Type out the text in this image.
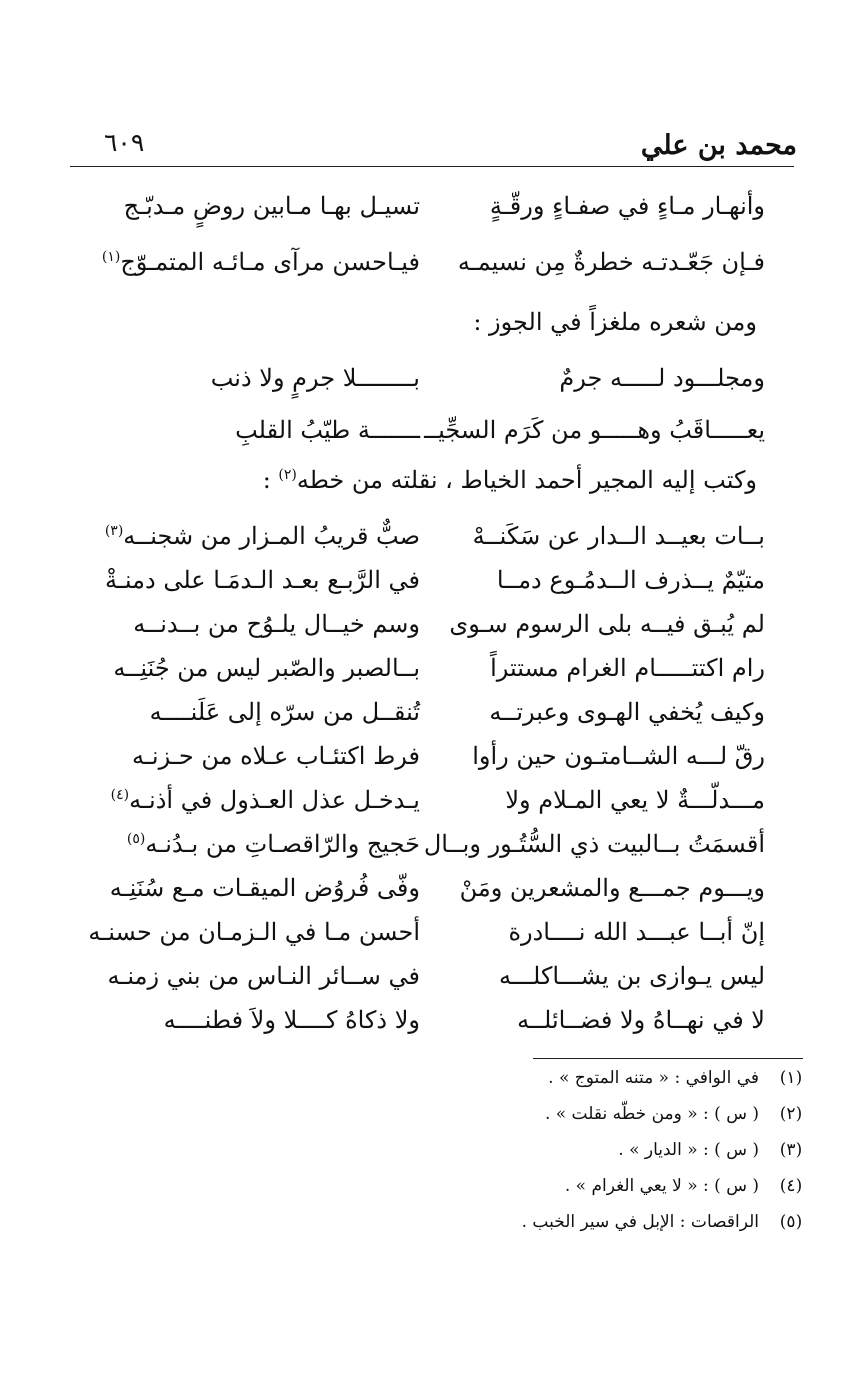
محمد بن علي
٦٠٩
وأنهـار مـاءٍ في صفـاءٍ ورقّـةٍ
تسيـل بهـا مـابين روضٍ مـدبّـج
فـإن جَعّـدتـه خطرةٌ مِن نسيمـه
فيـاحسن مرآى مـائـه المتمـوّج$^{(١)}$
ومن شعره ملغزاً في الجوز :
ومجلـــود لـــــه جرمٌ
بــــــــلا جرمٍ ولا ذنب
يعـــــاقَبُ وهـــــو من كَرَم السجِّيــ
ـــــــة طيّبُ القلبِ
وكتب إليه المجير أحمد الخياط ، نقلته من خطه$^{(٢)}$ :
بــات بعيــد الــدار عن سَكَنــهْ
صبٌّ قريبُ المـزار من شجنــه$^{(٣)}$
متيّمٌ يــذرف الــدمُـوع دمــا
في الرَّبـع بعـد الـدمَـا على دمنـةْ
لم يُبـق فيــه بلى الرسوم سـوى
وسم خيــال يلـوُح من بــدنــه
رام اكتتـــــام الغرام مستتراً
بــالصبر والصّبر ليس من جُنَنِــه
وكيف يُخفي الهـوى وعبرتــه
تُنقــل من سرّه إلى عَلَنــــه
رقّ لـــه الشــامتـون حين رأوا
فرط اكتئـاب عـلاه من حـزنـه
مـــدلّـــةٌ لا يعي المـلام ولا
يـدخـل عذل العـذول في أذنـه$^{(٤)}$
أقسمَتُ بــالبيت ذي السُّتُـور وبــال
حَجيج والرّاقصـاتِ من بـدُنـه$^{(٥)}$
ويـــوم جمـــع والمشعرين ومَنْ
وفّى فُروُض الميقـات مـع سُنَنِـه
إنّ أبــا عبـــد الله نــــادرة
أحسن مـا في الـزمـان من حسنـه
ليس يـوازى بن يشـــاكلـــه
في ســائر النـاس من بني زمنـه
لا في نهــاهُ ولا فضــائلــه
ولا ذكاهُ كــــلا ولاَ فطنــــه
(١)
في الوافي : « متنه المتوج » .
(٢)
( س ) : « ومن خطّه نقلت » .
(٣)
( س ) : « الديار » .
(٤)
( س ) : « لا يعي الغرام » .
(٥)
الراقصات : الإبل في سير الخبب .
